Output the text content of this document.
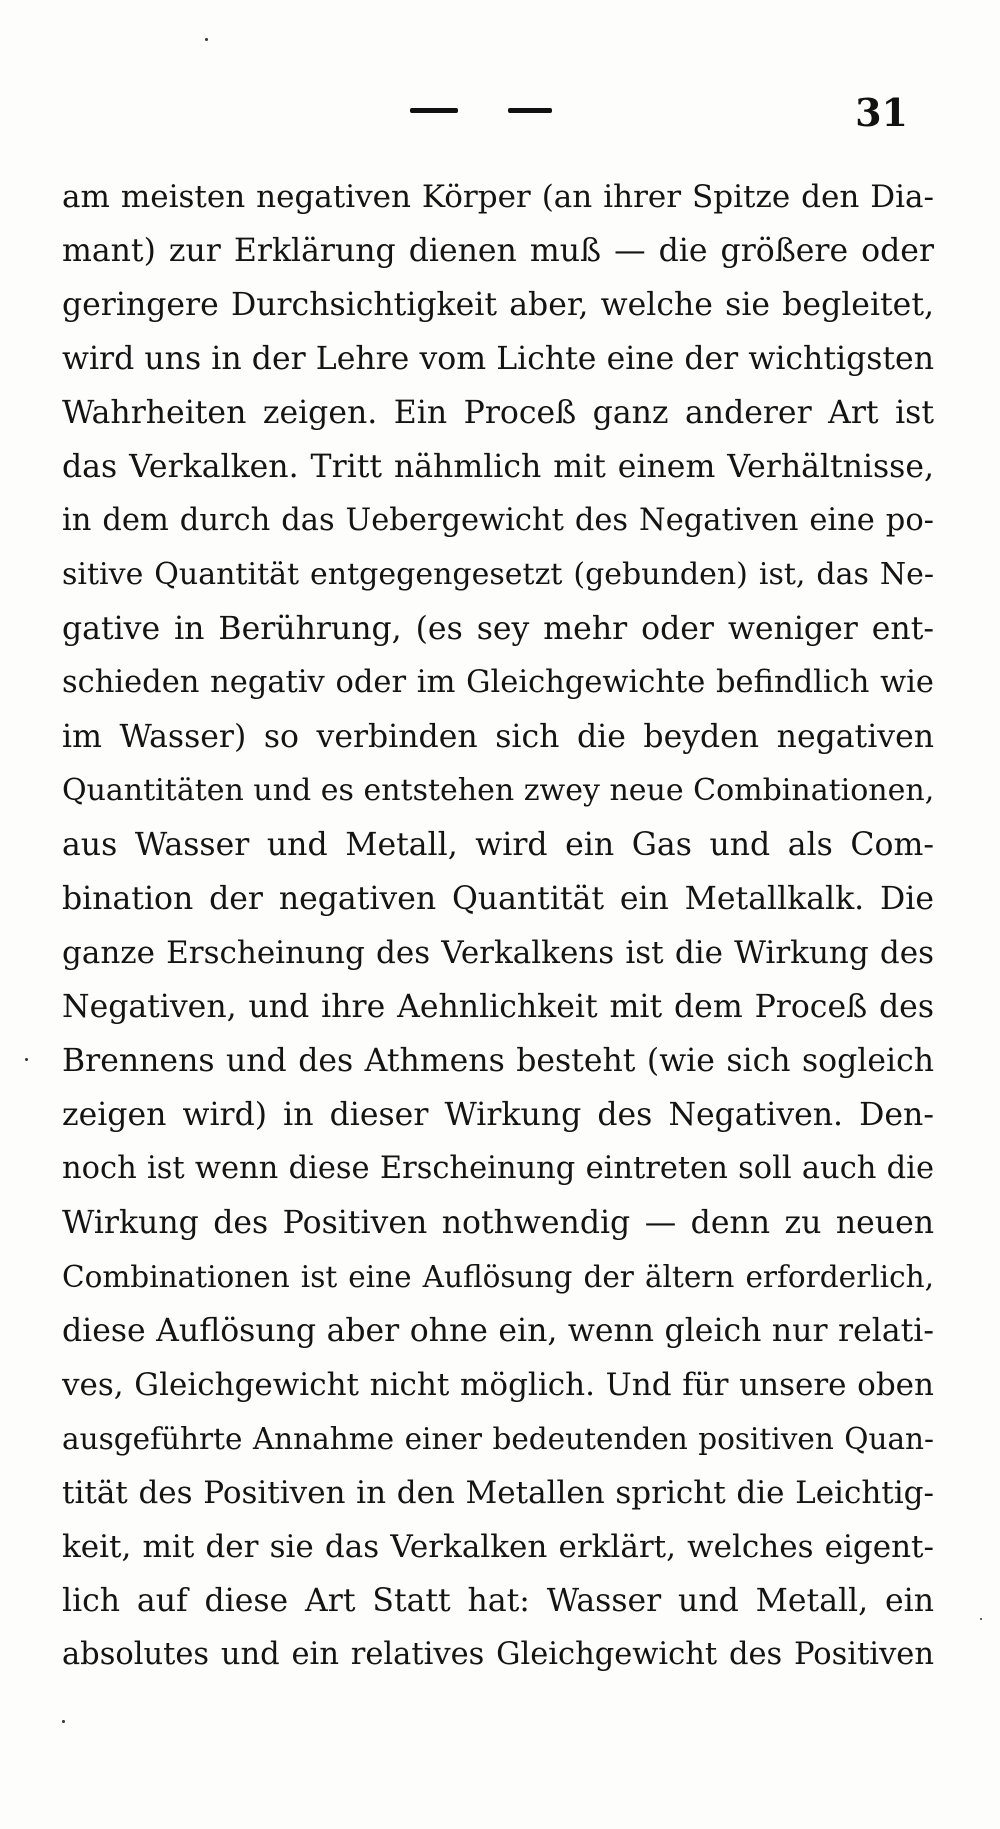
31
am meisten negativen Körper (an ihrer Spitze den Dia-
mant) zur Erklärung dienen muß — die größere oder
geringere Durchsichtigkeit aber, welche sie begleitet,
wird uns in der Lehre vom Lichte eine der wichtigsten
Wahrheiten zeigen. Ein Proceß ganz anderer Art ist
das Verkalken. Tritt nähmlich mit einem Verhältnisse,
in dem durch das Uebergewicht des Negativen eine po-
sitive Quantität entgegengesetzt (gebunden) ist, das Ne-
gative in Berührung, (es sey mehr oder weniger ent-
schieden negativ oder im Gleichgewichte befindlich wie
im Wasser) so verbinden sich die beyden negativen
Quantitäten und es entstehen zwey neue Combinationen,
aus Wasser und Metall, wird ein Gas und als Com-
bination der negativen Quantität ein Metallkalk. Die
ganze Erscheinung des Verkalkens ist die Wirkung des
Negativen, und ihre Aehnlichkeit mit dem Proceß des
Brennens und des Athmens besteht (wie sich sogleich
zeigen wird) in dieser Wirkung des Negativen. Den-
noch ist wenn diese Erscheinung eintreten soll auch die
Wirkung des Positiven nothwendig — denn zu neuen
Combinationen ist eine Auflösung der ältern erforderlich,
diese Auflösung aber ohne ein, wenn gleich nur relati-
ves, Gleichgewicht nicht möglich. Und für unsere oben
ausgeführte Annahme einer bedeutenden positiven Quan-
tität des Positiven in den Metallen spricht die Leichtig-
keit, mit der sie das Verkalken erklärt, welches eigent-
lich auf diese Art Statt hat: Wasser und Metall, ein
absolutes und ein relatives Gleichgewicht des Positiven
